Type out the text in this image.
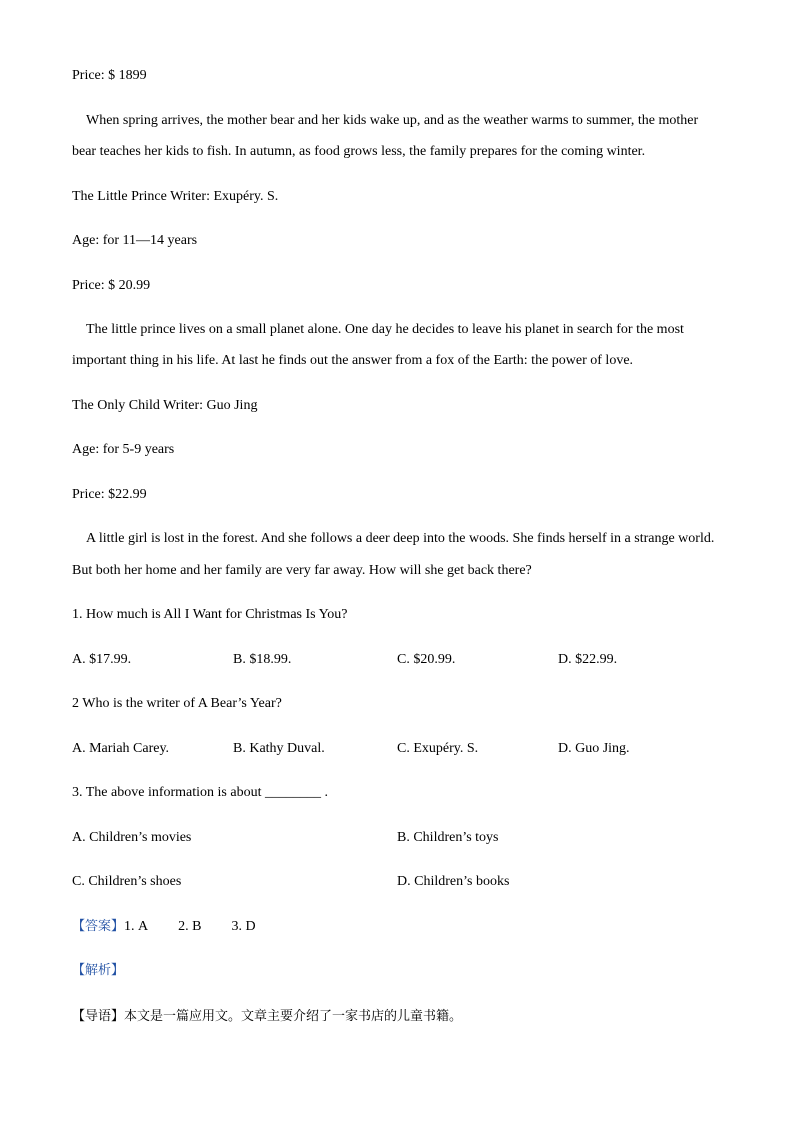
Price: $ 1899
When spring arrives, the mother bear and her kids wake up, and as the weather warms to summer, the mother
bear teaches her kids to fish. In autumn, as food grows less, the family prepares for the coming winter.
The Little Prince Writer: Exupéry. S.
Age: for 11—14 years
Price: $ 20.99
The little prince lives on a small planet alone. One day he decides to leave his planet in search for the most
important thing in his life. At last he finds out the answer from a fox of the Earth: the power of love.
The Only Child Writer: Guo Jing
Age: for 5-9 years
Price: $22.99
A little girl is lost in the forest. And she follows a deer deep into the woods. She finds herself in a strange world.
But both her home and her family are very far away. How will she get back there?
1. How much is All I Want for Christmas Is You?
A. $17.99.	B. $18.99.	C. $20.99.	D. $22.99.
2 Who is the writer of A Bear’s Year?
A. Mariah Carey.	B. Kathy Duval.	C. Exupéry. S.	D. Guo Jing.
3. The above information is about ________ .
A. Children’s movies	B. Children’s toys
C. Children’s shoes	D. Children’s books
【答案】1. A 2. B 3. D
【解析】
【导语】本文是一篇应用文。文章主要介绍了一家书店的儿童书籍。
